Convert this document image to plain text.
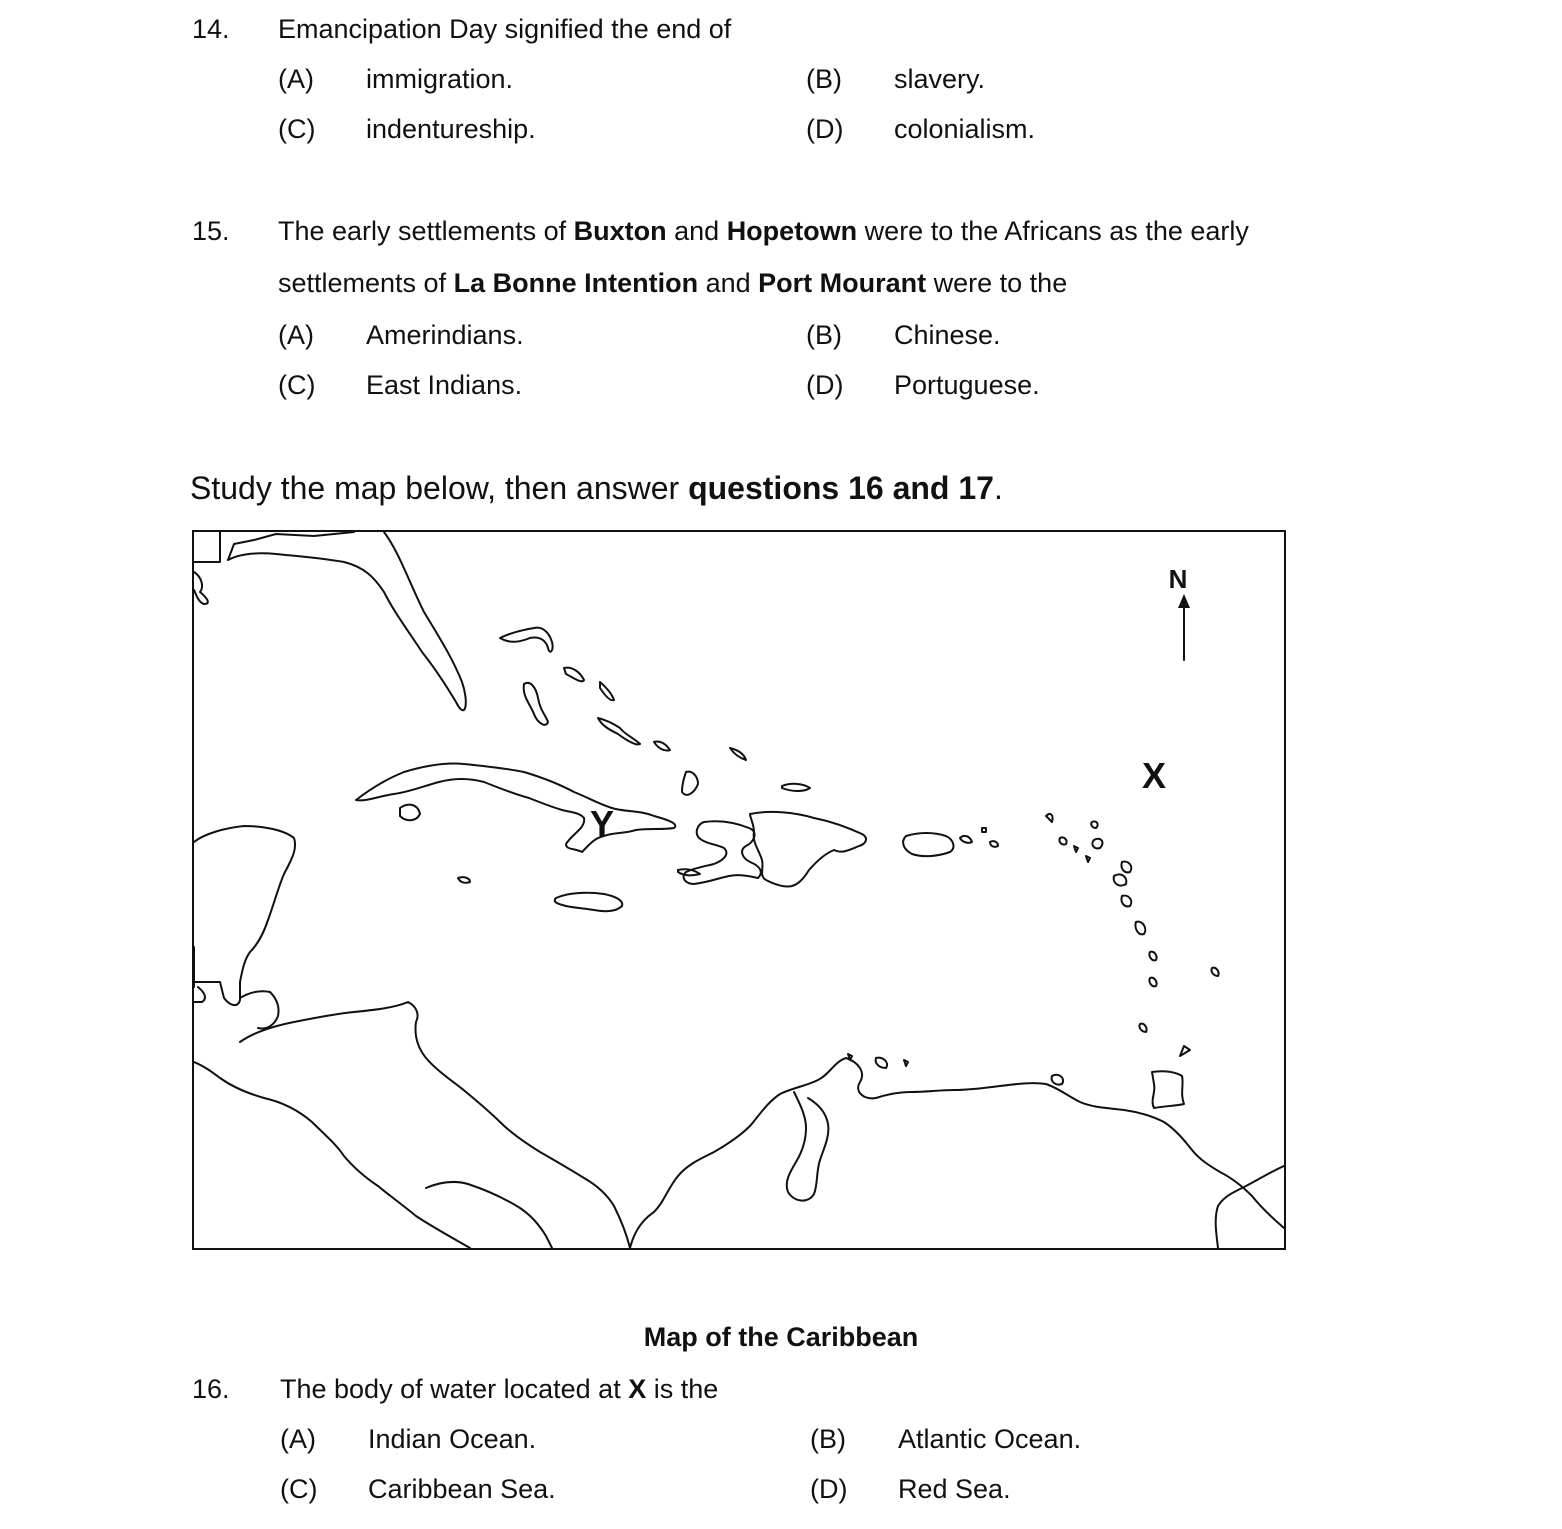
14. Emancipation Day signified the end of
(A) immigration.	(B) slavery.
(C) indentureship.	(D) colonialism.
15. The early settlements of Buxton and Hopetown were to the Africans as the early
settlements of La Bonne Intention and Port Mourant were to the
(A) Amerindians.	(B) Chinese.
(C) East Indians.	(D) Portuguese.
Study the map below, then answer questions 16 and 17.
N
X
Y
Map of the Caribbean
16. The body of water located at X is the
(A) Indian Ocean.	(B) Atlantic Ocean.
(C) Caribbean Sea.	(D) Red Sea.
